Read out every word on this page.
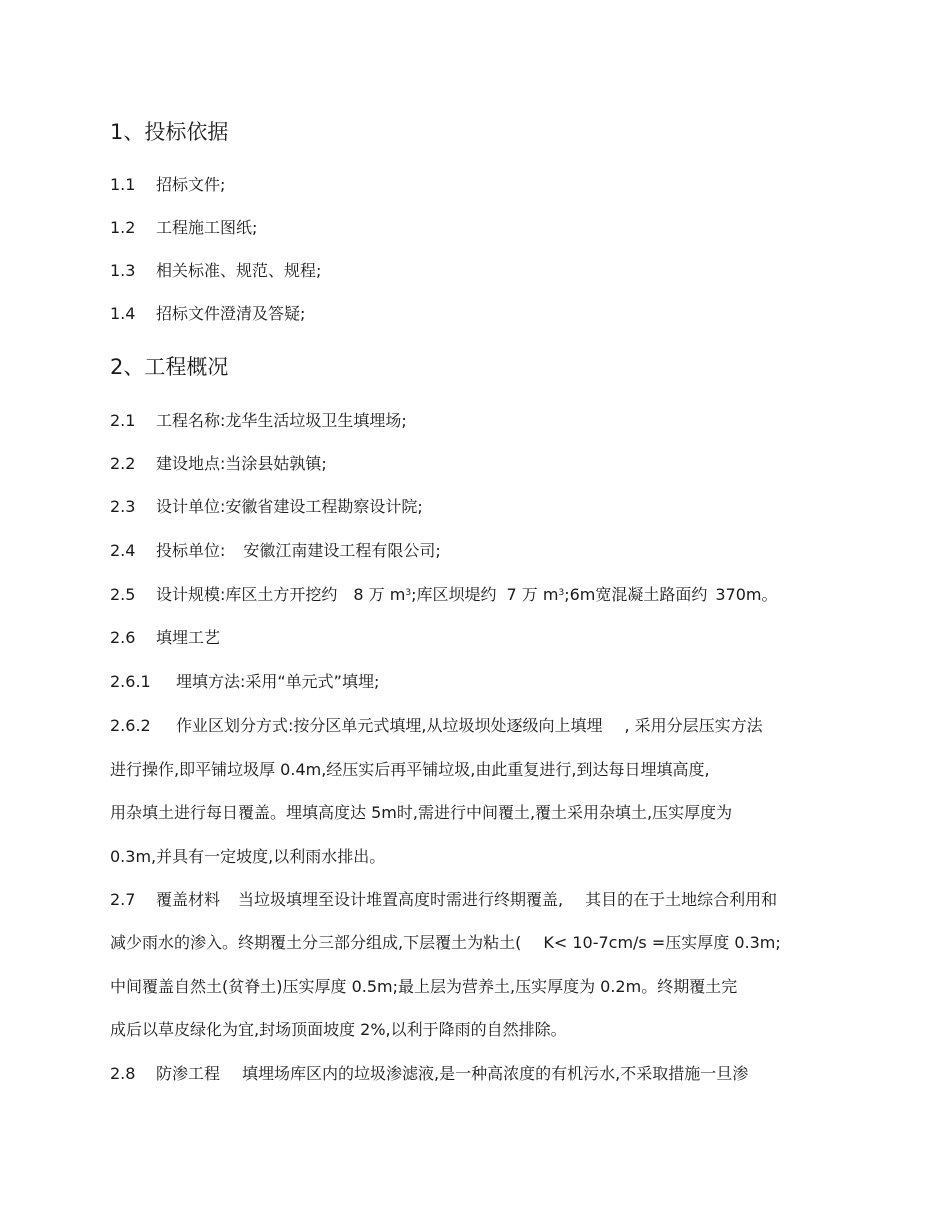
1、投标依据
1.1 招标文件;
1.2 工程施工图纸;
1.3 相关标准、规范、规程;
1.4 招标文件澄清及答疑;
2、工程概况
2.1 工程名称:龙华生活垃圾卫生填埋场;
2.2 建设地点:当涂县姑孰镇;
2.3 设计单位:安徽省建设工程勘察设计院;
2.4 投标单位: 安徽江南建设工程有限公司;
2.5 设计规模:库区土方开挖约 8 万 $m^3$;库区坝堤约 7 万 $m^3;6m$宽混凝土路面约 370m。
2.6 填埋工艺
2.6.1 埋填方法:采用“单元式”填埋;
2.6.2 作业区划分方式:按分区单元式填埋,从垃圾坝处逐级向上填埋 , 采用分层压实方法
进行操作,即平铺垃圾厚 0.4m,经压实后再平铺垃圾,由此重复进行,到达每日埋填高度,
用杂填土进行每日覆盖。埋填高度达 5m时,需进行中间覆土,覆土采用杂填土,压实厚度为
0.3m,并具有一定坡度,以利雨水排出。
2.7 覆盖材料 当垃圾填埋至设计堆置高度时需进行终期覆盖, 其目的在于土地综合利用和
减少雨水的渗入。终期覆土分三部分组成,下层覆土为粘土( K< 10-7cm/s =压实厚度 0.3m;
中间覆盖自然土(贫脊土)压实厚度 0.5m;最上层为营养土,压实厚度为 0.2m。终期覆土完
成后以草皮绿化为宜,封场顶面坡度 2%,以利于降雨的自然排除。
2.8 防渗工程 填埋场库区内的垃圾渗滤液,是一种高浓度的有机污水,不采取措施一旦渗
